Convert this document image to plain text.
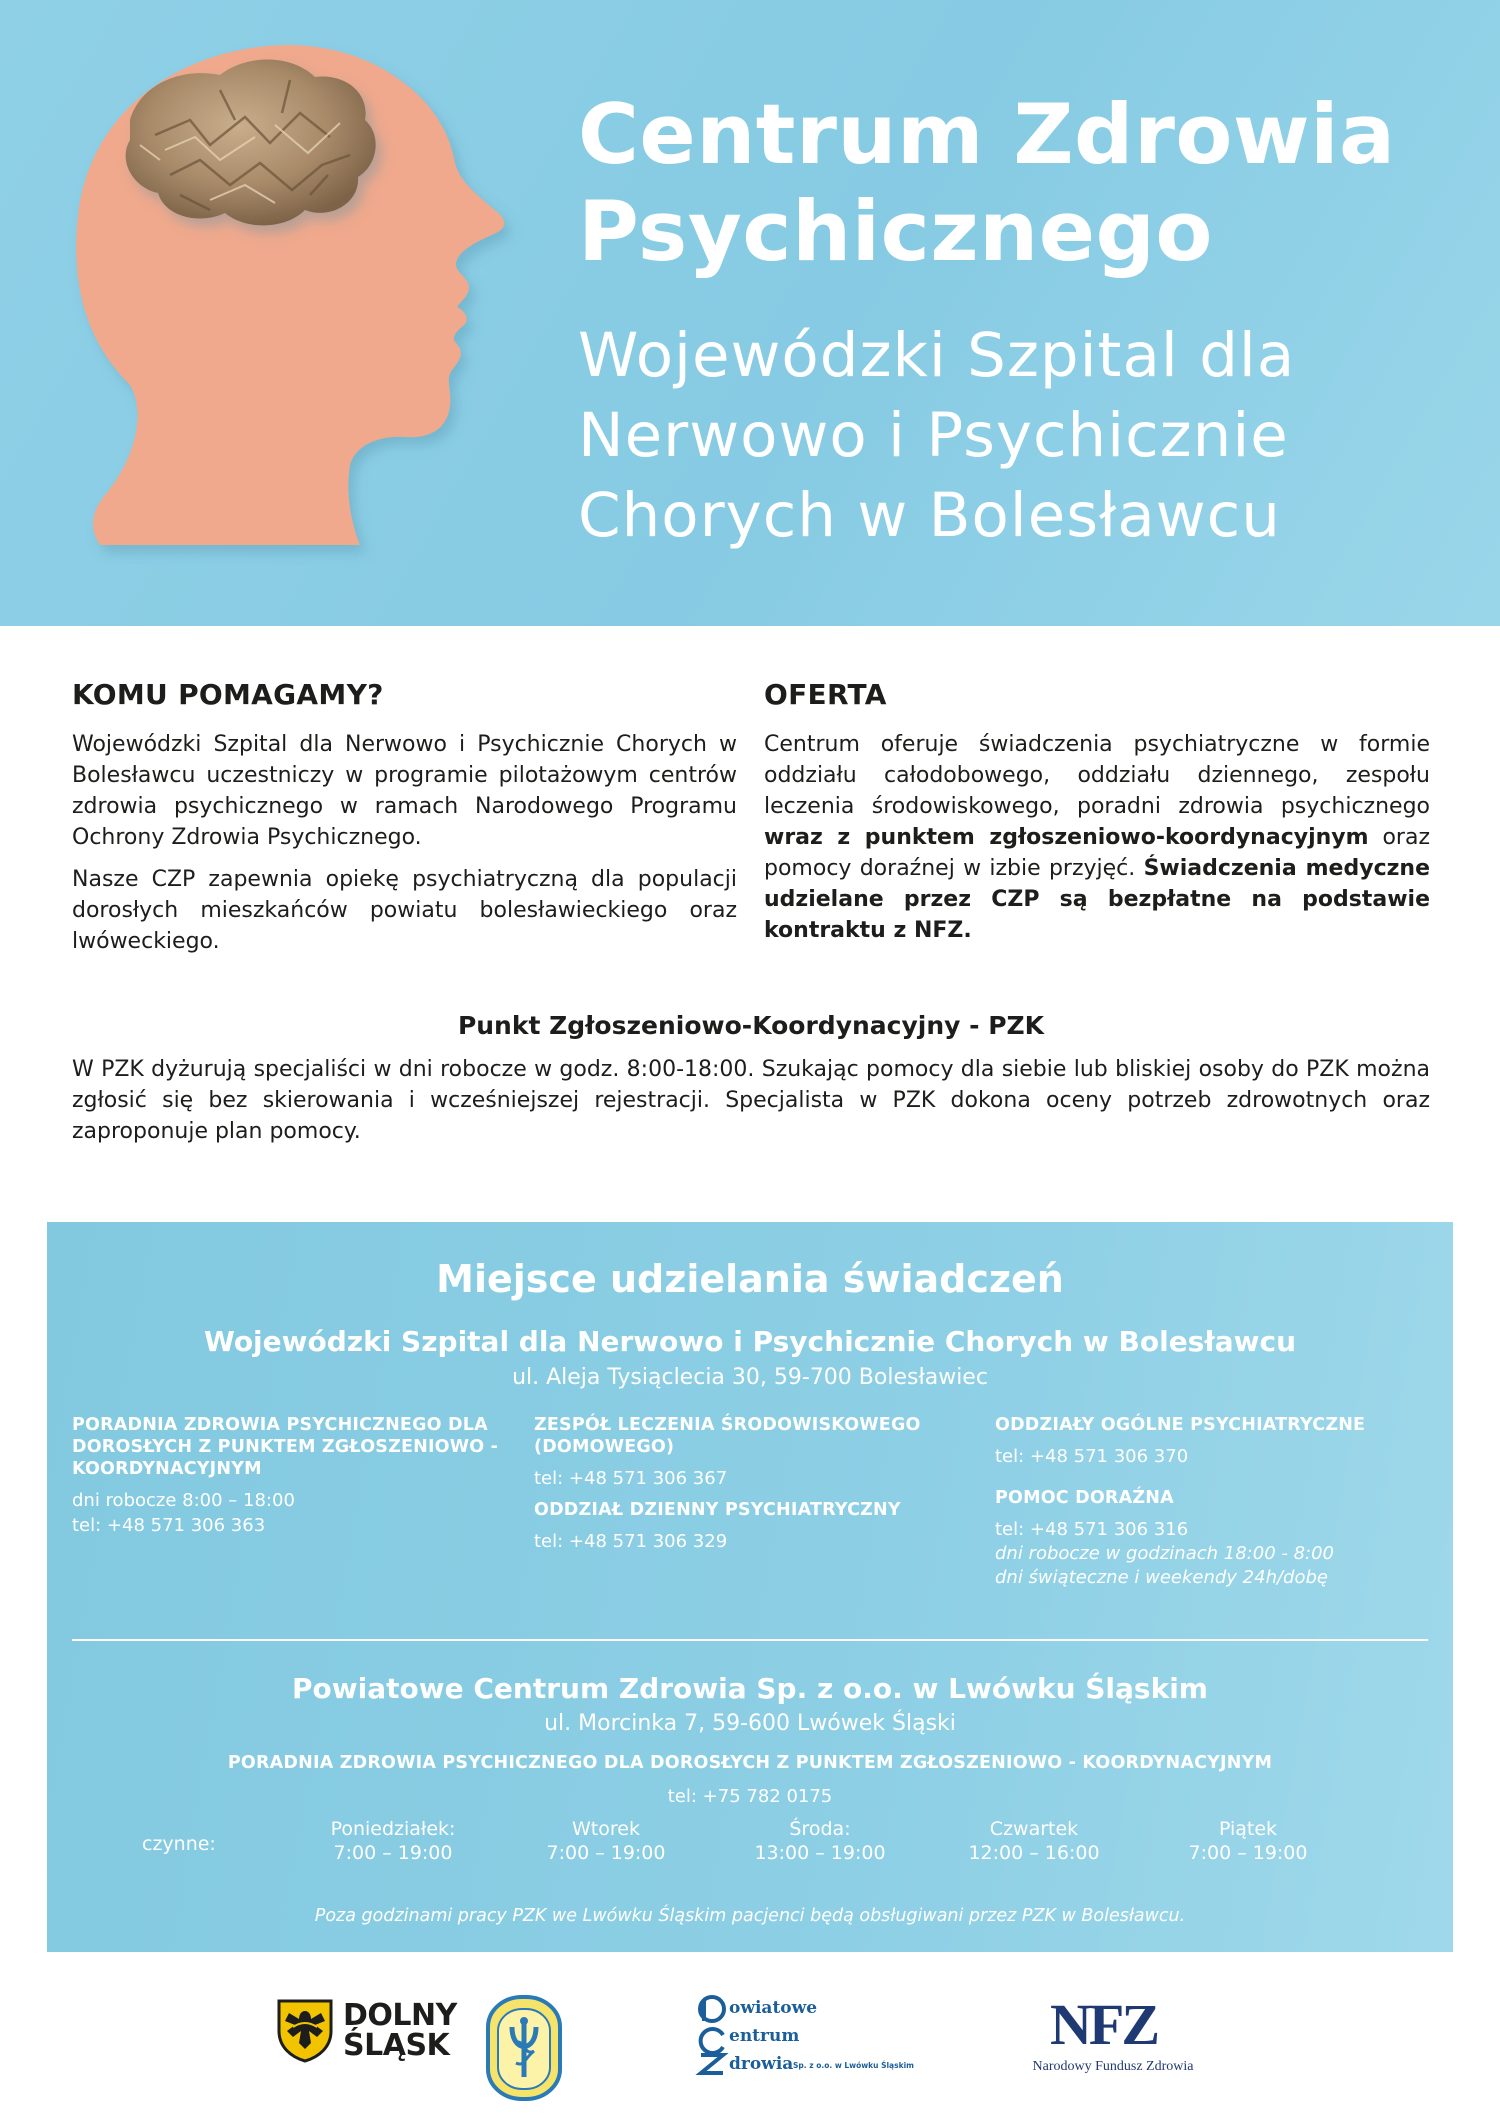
Centrum Zdrowia
Psychicznego
Wojewódzki Szpital dla
Nerwowo i Psychicznie
Chorych w Bolesławcu
KOMU POMAGAMY?

Wojewódzki Szpital dla Nerwowo i Psychicznie Chorych w Bolesławcu uczestniczy w programie pilotażowym centrów zdrowia psychicznego w ramach Narodowego Programu Ochrony Zdrowia Psychicznego.

Nasze CZP zapewnia opiekę psychiatryczną dla populacji dorosłych mieszkańców powiatu bolesławieckiego oraz lwóweckiego.

OFERTA

Centrum oferuje świadczenia psychiatryczne w formie oddziału całodobowego, oddziału dziennego, zespołu leczenia środowiskowego, poradni zdrowia psychicznego wraz z punktem zgłoszeniowo-koordynacyjnym oraz pomocy doraźnej w izbie przyjęć. Świadczenia medyczne udzielane przez CZP są bezpłatne na podstawie kontraktu z NFZ.

Punkt Zgłoszeniowo-Koordynacyjny - PZK

W PZK dyżurują specjaliści w dni robocze w godz. 8:00-18:00. Szukając pomocy dla siebie lub bliskiej osoby do PZK można zgłosić się bez skierowania i wcześniejszej rejestracji. Specjalista w PZK dokona oceny potrzeb zdrowotnych oraz zaproponuje plan pomocy.

Miejsce udzielania świadczeń
Wojewódzki Szpital dla Nerwowo i Psychicznie Chorych w Bolesławcu
ul. Aleja Tysiąclecia 30, 59-700 Bolesławiec
PORADNIA ZDROWIA PSYCHICZNEGO DLA DOROSŁYCH Z PUNKTEM ZGŁOSZENIOWO - KOORDYNACYJNYM
dni robocze 8:00 – 18:00
tel: +48 571 306 363
ZESPÓŁ LECZENIA ŚRODOWISKOWEGO (DOMOWEGO)
tel: +48 571 306 367
ODDZIAŁ DZIENNY PSYCHIATRYCZNY
tel: +48 571 306 329
ODDZIAŁY OGÓLNE PSYCHIATRYCZNE
tel: +48 571 306 370
POMOC DORAŹNA
tel: +48 571 306 316
dni robocze w godzinach 18:00 - 8:00
dni świąteczne i weekendy 24h/dobę
Powiatowe Centrum Zdrowia Sp. z o.o. w Lwówku Śląskim
ul. Morcinka 7, 59-600 Lwówek Śląski
PORADNIA ZDROWIA PSYCHICZNEGO DLA DOROSŁYCH Z PUNKTEM ZGŁOSZENIOWO - KOORDYNACYJNYM
tel: +75 782 0175
czynne:
Poniedziałek:
7:00 – 19:00
Wtorek
7:00 – 19:00
Środa:
13:00 – 19:00
Czwartek
12:00 – 16:00
Piątek
7:00 – 19:00
Poza godzinami pracy PZK we Lwówku Śląskim pacjenci będą obsługiwani przez PZK w Bolesławcu.
DOLNY
ŚLĄSK
owiatowe
entrum
drowia Sp. z o.o. w Lwówku Śląskim
NFZ
Narodowy Fundusz Zdrowia
